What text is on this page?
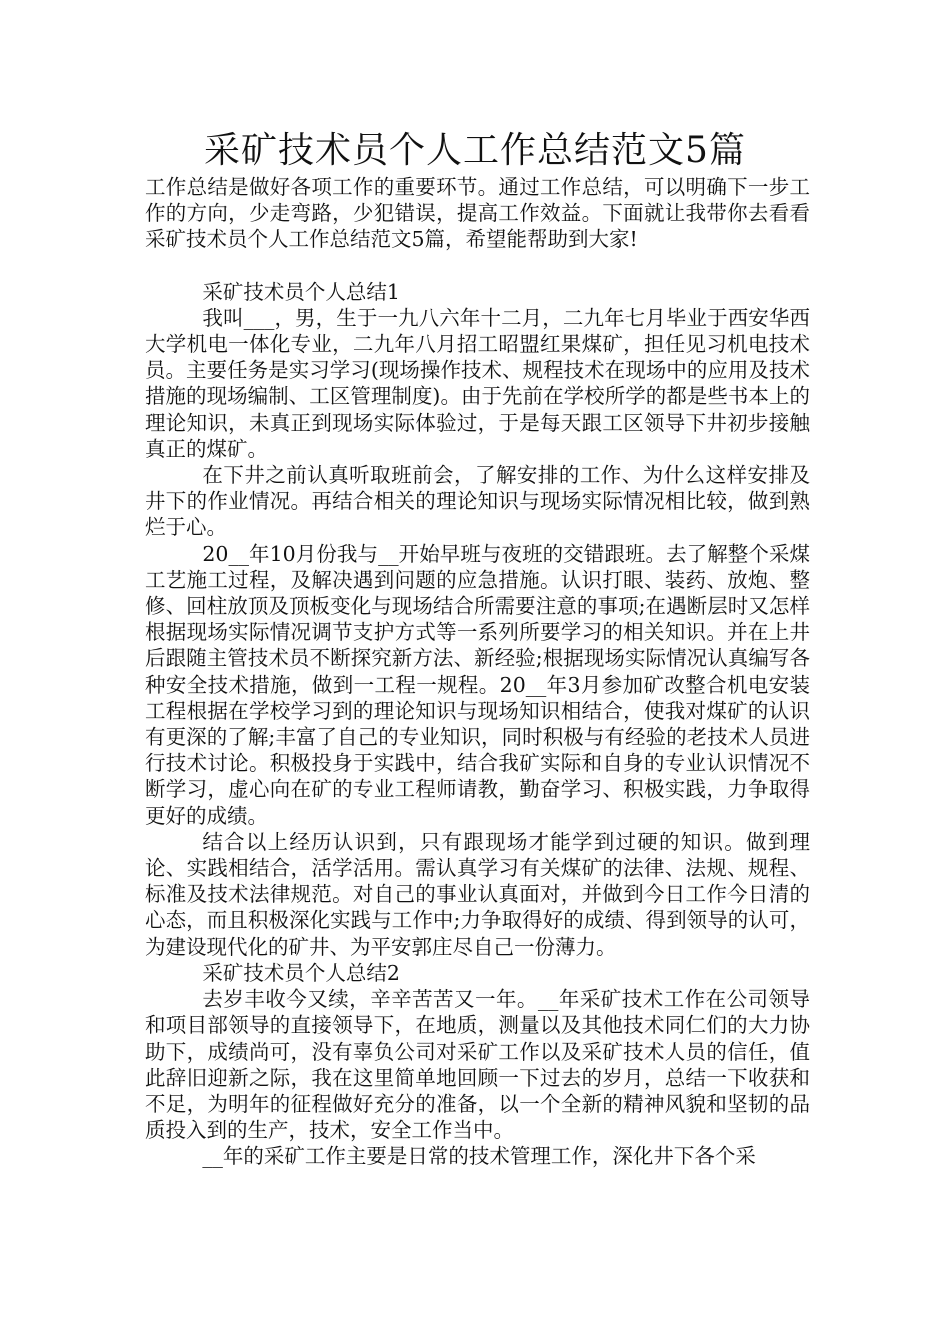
采矿技术员个人工作总结范文5篇

工作总结是做好各项工作的重要环节。通过工作总结，可以明确下一步工作的方向，少走弯路，少犯错误，提高工作效益。下面就让我带你去看看采矿技术员个人工作总结范文5篇，希望能帮助到大家!

采矿技术员个人总结1

我叫___，男，生于一九八六年十二月，二九年七月毕业于西安华西大学机电一体化专业，二九年八月招工昭盟红果煤矿，担任见习机电技术员。主要任务是实习学习(现场操作技术、规程技术在现场中的应用及技术措施的现场编制、工区管理制度)。由于先前在学校所学的都是些书本上的理论知识，未真正到现场实际体验过，于是每天跟工区领导下井初步接触真正的煤矿。

在下井之前认真听取班前会，了解安排的工作、为什么这样安排及井下的作业情况。再结合相关的理论知识与现场实际情况相比较，做到熟烂于心。

20__年10月份我与__开始早班与夜班的交错跟班。去了解整个采煤工艺施工过程，及解决遇到问题的应急措施。认识打眼、装药、放炮、整修、回柱放顶及顶板变化与现场结合所需要注意的事项;在遇断层时又怎样根据现场实际情况调节支护方式等一系列所要学习的相关知识。并在上井后跟随主管技术员不断探究新方法、新经验;根据现场实际情况认真编写各种安全技术措施，做到一工程一规程。20__年3月参加矿改整合机电安装工程根据在学校学习到的理论知识与现场知识相结合，使我对煤矿的认识有更深的了解;丰富了自己的专业知识，同时积极与有经验的老技术人员进行技术讨论。积极投身于实践中，结合我矿实际和自身的专业认识情况不断学习，虚心向在矿的专业工程师请教，勤奋学习、积极实践，力争取得更好的成绩。

结合以上经历认识到，只有跟现场才能学到过硬的知识。做到理论、实践相结合，活学活用。需认真学习有关煤矿的法律、法规、规程、标准及技术法律规范。对自己的事业认真面对，并做到今日工作今日清的心态，而且积极深化实践与工作中;力争取得好的成绩、得到领导的认可，为建设现代化的矿井、为平安郭庄尽自己一份薄力。

采矿技术员个人总结2

去岁丰收今又续，辛辛苦苦又一年。__年采矿技术工作在公司领导和项目部领导的直接领导下，在地质，测量以及其他技术同仁们的大力协助下，成绩尚可，没有辜负公司对采矿工作以及采矿技术人员的信任，值此辞旧迎新之际，我在这里简单地回顾一下过去的岁月，总结一下收获和不足，为明年的征程做好充分的准备，以一个全新的精神风貌和坚韧的品质投入到的生产，技术，安全工作当中。

__年的采矿工作主要是日常的技术管理工作，深化井下各个采
